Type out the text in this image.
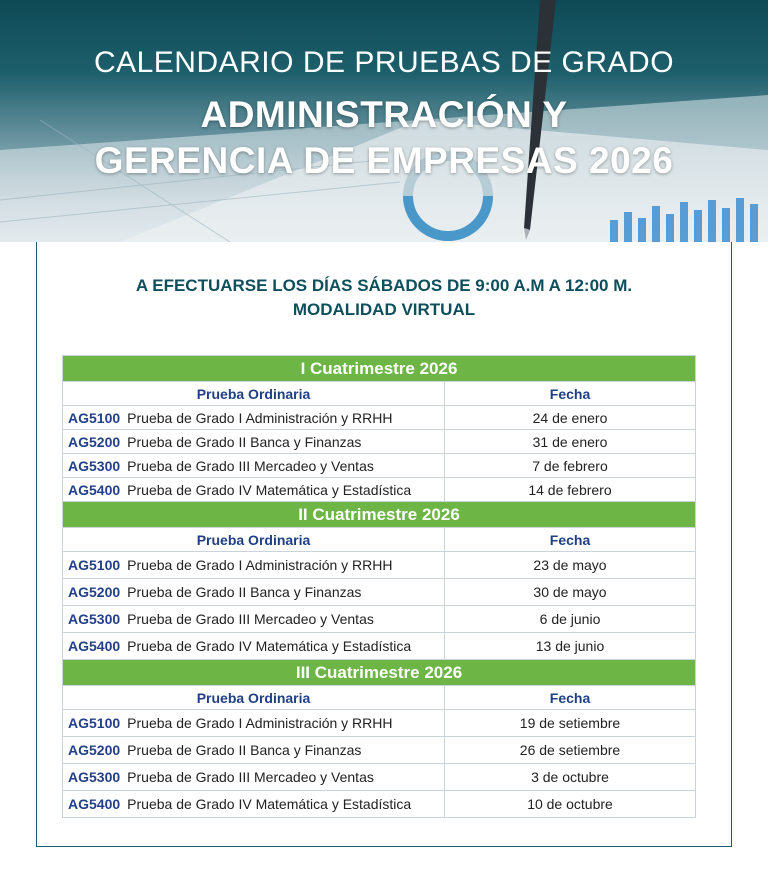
CALENDARIO DE PRUEBAS DE GRADO
ADMINISTRACIÓN Y
GERENCIA DE EMPRESAS 2026
A EFECTUARSE LOS DÍAS SÁBADOS DE 9:00 A.M A 12:00 M.
MODALIDAD VIRTUAL
I Cuatrimestre 2026	
Prueba Ordinaria	Fecha
AG5100 Prueba de Grado I Administración y RRHH	24 de enero
AG5200 Prueba de Grado II Banca y Finanzas	31 de enero
AG5300 Prueba de Grado III Mercadeo y Ventas	7 de febrero
AG5400 Prueba de Grado IV Matemática y Estadística	14 de febrero
II Cuatrimestre 2026	
Prueba Ordinaria	Fecha
AG5100 Prueba de Grado I Administración y RRHH	23 de mayo
AG5200 Prueba de Grado II Banca y Finanzas	30 de mayo
AG5300 Prueba de Grado III Mercadeo y Ventas	6 de junio
AG5400 Prueba de Grado IV Matemática y Estadística	13 de junio
III Cuatrimestre 2026	
Prueba Ordinaria	Fecha
AG5100 Prueba de Grado I Administración y RRHH	19 de setiembre
AG5200 Prueba de Grado II Banca y Finanzas	26 de setiembre
AG5300 Prueba de Grado III Mercadeo y Ventas	3 de octubre
AG5400 Prueba de Grado IV Matemática y Estadística	10 de octubre
